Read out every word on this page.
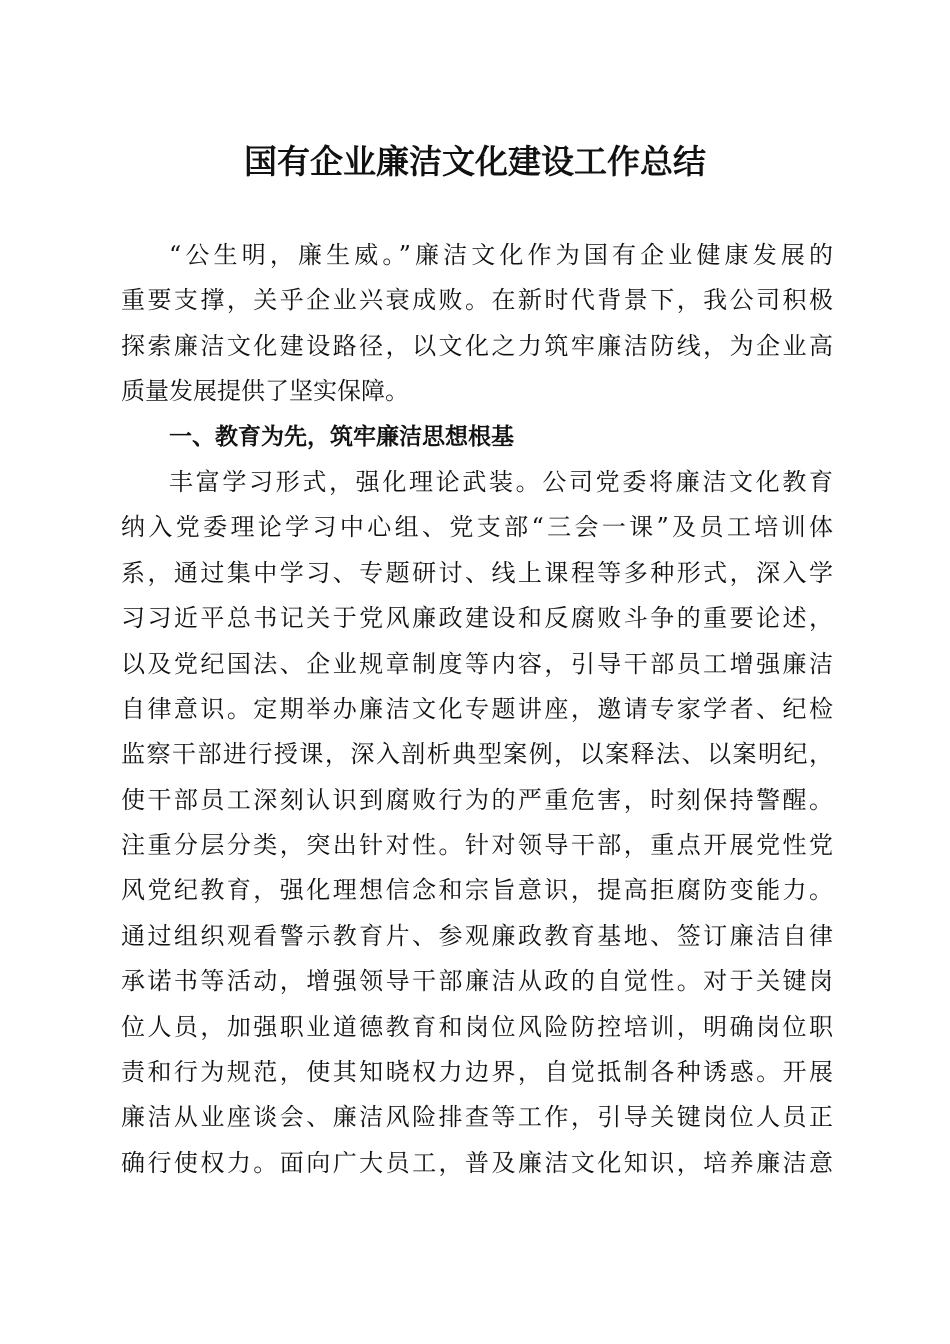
国有企业廉洁文化建设工作总结

“公生明，廉生威。”廉洁文化作为国有企业健康发展的

重要支撑，关乎企业兴衰成败。在新时代背景下，我公司积极

探索廉洁文化建设路径，以文化之力筑牢廉洁防线，为企业高

质量发展提供了坚实保障。

一、教育为先，筑牢廉洁思想根基

丰富学习形式，强化理论武装。公司党委将廉洁文化教育

纳入党委理论学习中心组、党支部“三会一课”及员工培训体

系，通过集中学习、专题研讨、线上课程等多种形式，深入学

习习近平总书记关于党风廉政建设和反腐败斗争的重要论述，

以及党纪国法、企业规章制度等内容，引导干部员工增强廉洁

自律意识。定期举办廉洁文化专题讲座，邀请专家学者、纪检

监察干部进行授课，深入剖析典型案例，以案释法、以案明纪，

使干部员工深刻认识到腐败行为的严重危害，时刻保持警醒。

注重分层分类，突出针对性。针对领导干部，重点开展党性党

风党纪教育，强化理想信念和宗旨意识，提高拒腐防变能力。

通过组织观看警示教育片、参观廉政教育基地、签订廉洁自律

承诺书等活动，增强领导干部廉洁从政的自觉性。对于关键岗

位人员，加强职业道德教育和岗位风险防控培训，明确岗位职

责和行为规范，使其知晓权力边界，自觉抵制各种诱惑。开展

廉洁从业座谈会、廉洁风险排查等工作，引导关键岗位人员正

确行使权力。面向广大员工，普及廉洁文化知识，培养廉洁意
